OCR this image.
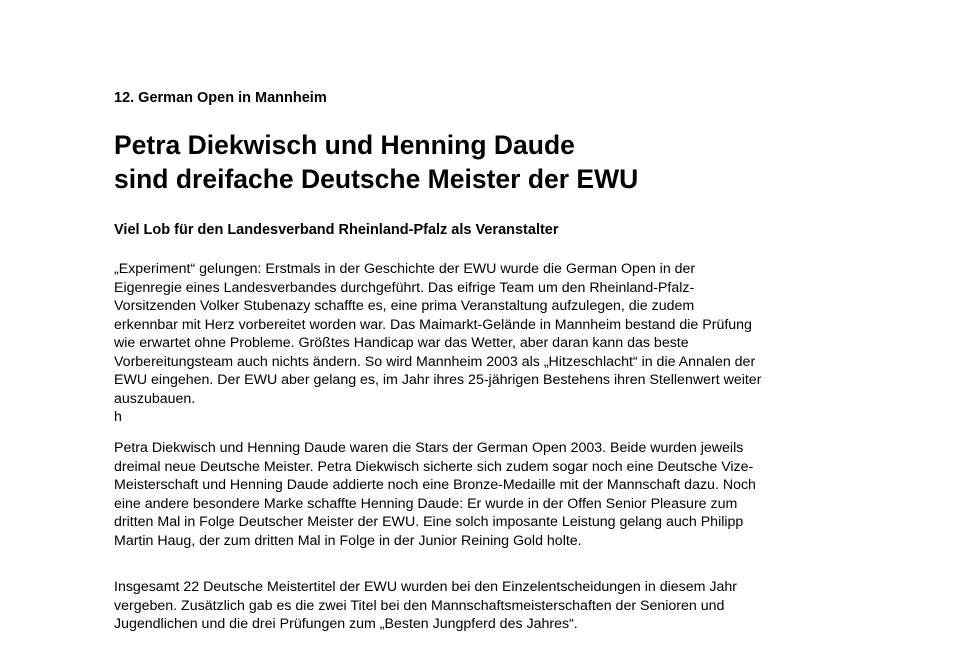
12. German Open in Mannheim
Petra Diekwisch und Henning Daude
sind dreifache Deutsche Meister der EWU
Viel Lob für den Landesverband Rheinland-Pfalz als Veranstalter
„Experiment“ gelungen: Erstmals in der Geschichte der EWU wurde die German Open in der
Eigenregie eines Landesverbandes durchgeführt. Das eifrige Team um den Rheinland-Pfalz-
Vorsitzenden Volker Stubenazy schaffte es, eine prima Veranstaltung aufzulegen, die zudem
erkennbar mit Herz vorbereitet worden war. Das Maimarkt-Gelände in Mannheim bestand die Prüfung
wie erwartet ohne Probleme. Größtes Handicap war das Wetter, aber daran kann das beste
Vorbereitungsteam auch nichts ändern. So wird Mannheim 2003 als „Hitzeschlacht“ in die Annalen der
EWU eingehen. Der EWU aber gelang es, im Jahr ihres 25-jährigen Bestehens ihren Stellenwert weiter
auszubauen.
h
Petra Diekwisch und Henning Daude waren die Stars der German Open 2003. Beide wurden jeweils
dreimal neue Deutsche Meister. Petra Diekwisch sicherte sich zudem sogar noch eine Deutsche Vize-
Meisterschaft und Henning Daude addierte noch eine Bronze-Medaille mit der Mannschaft dazu. Noch
eine andere besondere Marke schaffte Henning Daude: Er wurde in der Offen Senior Pleasure zum
dritten Mal in Folge Deutscher Meister der EWU. Eine solch imposante Leistung gelang auch Philipp
Martin Haug, der zum dritten Mal in Folge in der Junior Reining Gold holte.
Insgesamt 22 Deutsche Meistertitel der EWU wurden bei den Einzelentscheidungen in diesem Jahr
vergeben. Zusätzlich gab es die zwei Titel bei den Mannschaftsmeisterschaften der Senioren und
Jugendlichen und die drei Prüfungen zum „Besten Jungpferd des Jahres“.
